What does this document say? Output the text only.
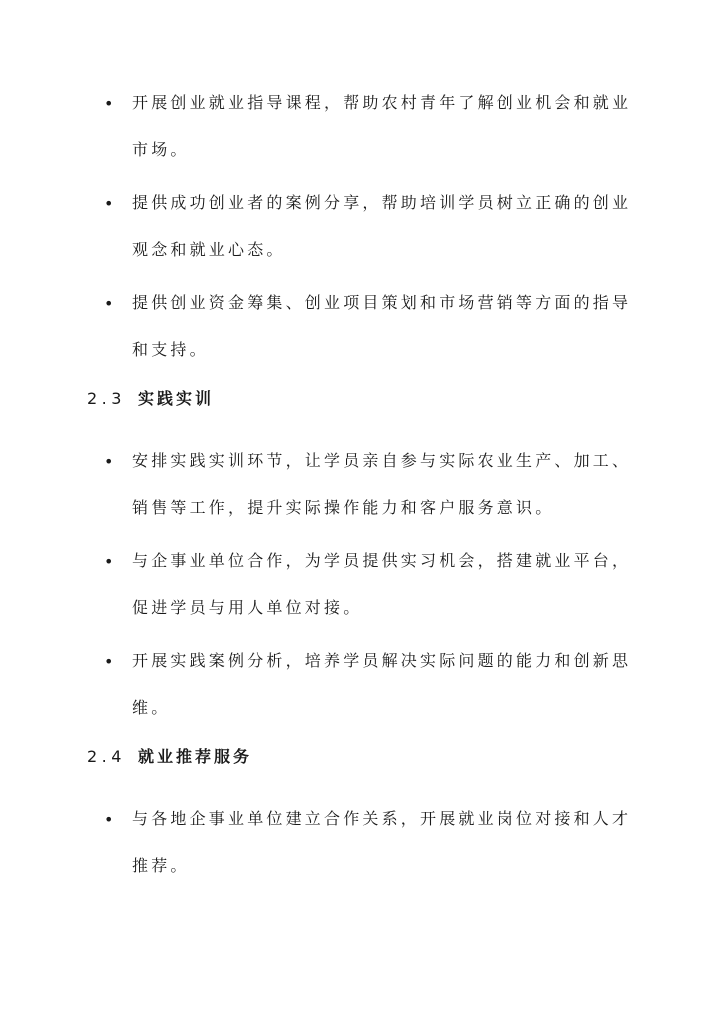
• 开展创业就业指导课程，帮助农村青年了解创业机会和就业
市场。
• 提供成功创业者的案例分享，帮助培训学员树立正确的创业
观念和就业心态。
• 提供创业资金筹集、创业项目策划和市场营销等方面的指导
和支持。
2.3 实践实训
• 安排实践实训环节，让学员亲自参与实际农业生产、加工、
销售等工作，提升实际操作能力和客户服务意识。
• 与企事业单位合作，为学员提供实习机会，搭建就业平台，
促进学员与用人单位对接。
• 开展实践案例分析，培养学员解决实际问题的能力和创新思
维。
2.4 就业推荐服务
• 与各地企事业单位建立合作关系，开展就业岗位对接和人才
推荐。
